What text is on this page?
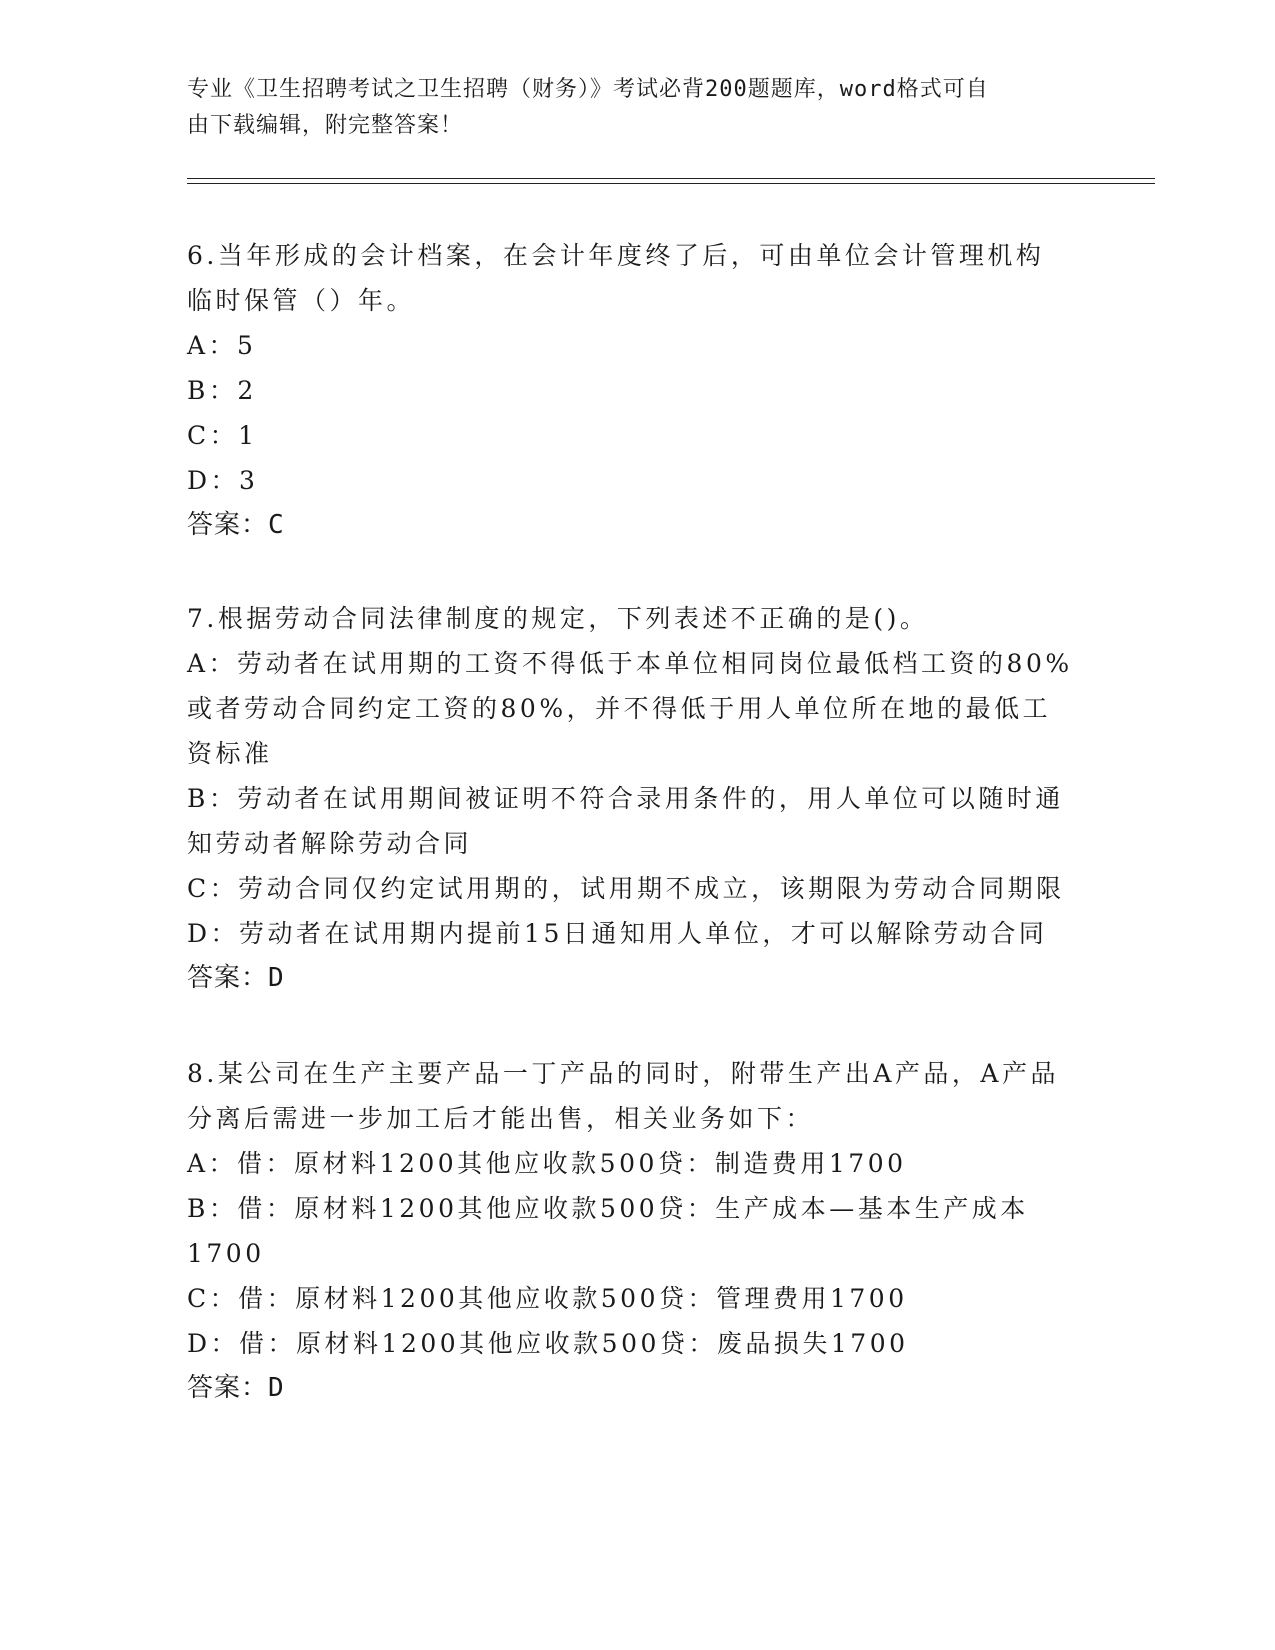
专业《卫生招聘考试之卫生招聘（财务）》考试必背200题题库，word格式可自
由下载编辑，附完整答案！
6.当年形成的会计档案，在会计年度终了后，可由单位会计管理机构
临时保管（）年。
A：5
B：2
C：1
D：3
答案：C
7.根据劳动合同法律制度的规定，下列表述不正确的是()。
A：劳动者在试用期的工资不得低于本单位相同岗位最低档工资的80%
或者劳动合同约定工资的80%，并不得低于用人单位所在地的最低工
资标准
B：劳动者在试用期间被证明不符合录用条件的，用人单位可以随时通
知劳动者解除劳动合同
C：劳动合同仅约定试用期的，试用期不成立，该期限为劳动合同期限
D：劳动者在试用期内提前15日通知用人单位，才可以解除劳动合同
答案：D
8.某公司在生产主要产品一丁产品的同时，附带生产出A产品，A产品
分离后需进一步加工后才能出售，相关业务如下：
A：借：原材料1200其他应收款500贷：制造费用1700
B：借：原材料1200其他应收款500贷：生产成本—基本生产成本
1700
C：借：原材料1200其他应收款500贷：管理费用1700
D：借：原材料1200其他应收款500贷：废品损失1700
答案：D
